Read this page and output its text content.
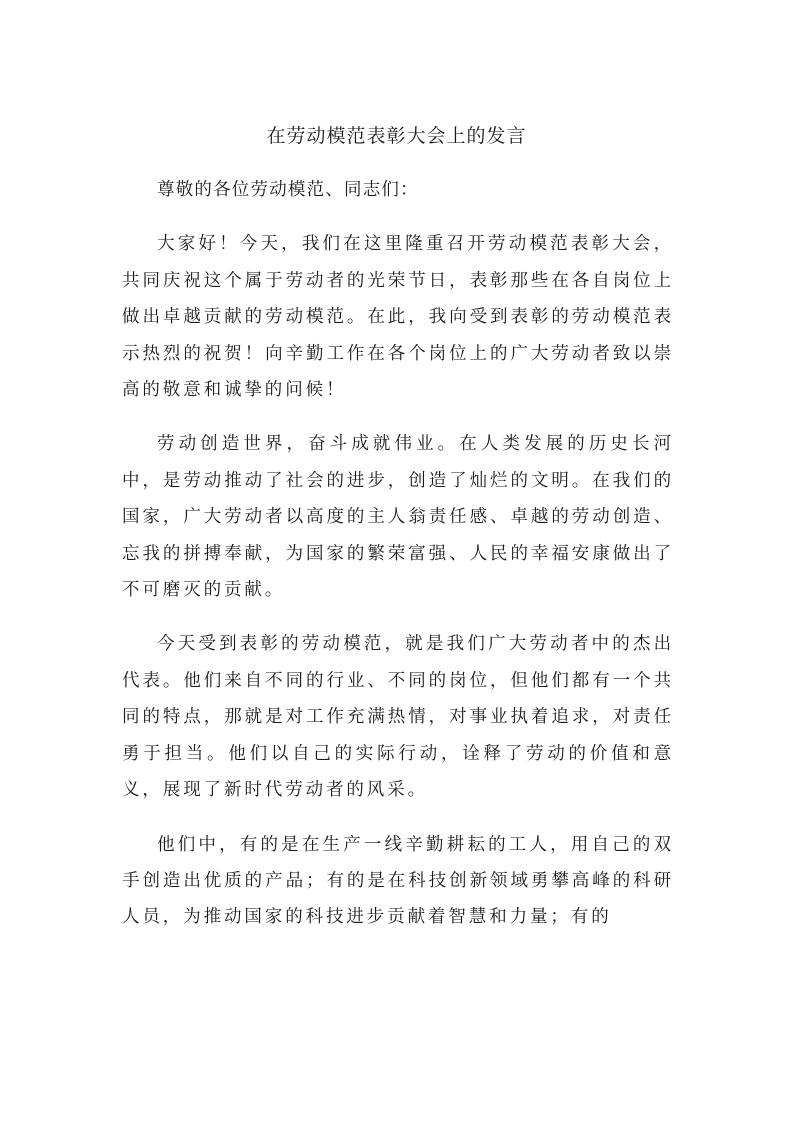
在劳动模范表彰大会上的发言

尊敬的各位劳动模范、同志们：

大家好！今天，我们在这里隆重召开劳动模范表彰大会，共同庆祝这个属于劳动者的光荣节日，表彰那些在各自岗位上做出卓越贡献的劳动模范。在此，我向受到表彰的劳动模范表示热烈的祝贺！向辛勤工作在各个岗位上的广大劳动者致以崇高的敬意和诚挚的问候！

劳动创造世界，奋斗成就伟业。在人类发展的历史长河中，是劳动推动了社会的进步，创造了灿烂的文明。在我们的国家，广大劳动者以高度的主人翁责任感、卓越的劳动创造、忘我的拼搏奉献，为国家的繁荣富强、人民的幸福安康做出了不可磨灭的贡献。

今天受到表彰的劳动模范，就是我们广大劳动者中的杰出代表。他们来自不同的行业、不同的岗位，但他们都有一个共同的特点，那就是对工作充满热情，对事业执着追求，对责任勇于担当。他们以自己的实际行动，诠释了劳动的价值和意义，展现了新时代劳动者的风采。

他们中，有的是在生产一线辛勤耕耘的工人，用自己的双手创造出优质的产品；有的是在科技创新领域勇攀高峰的科研人员，为推动国家的科技进步贡献着智慧和力量；有的
